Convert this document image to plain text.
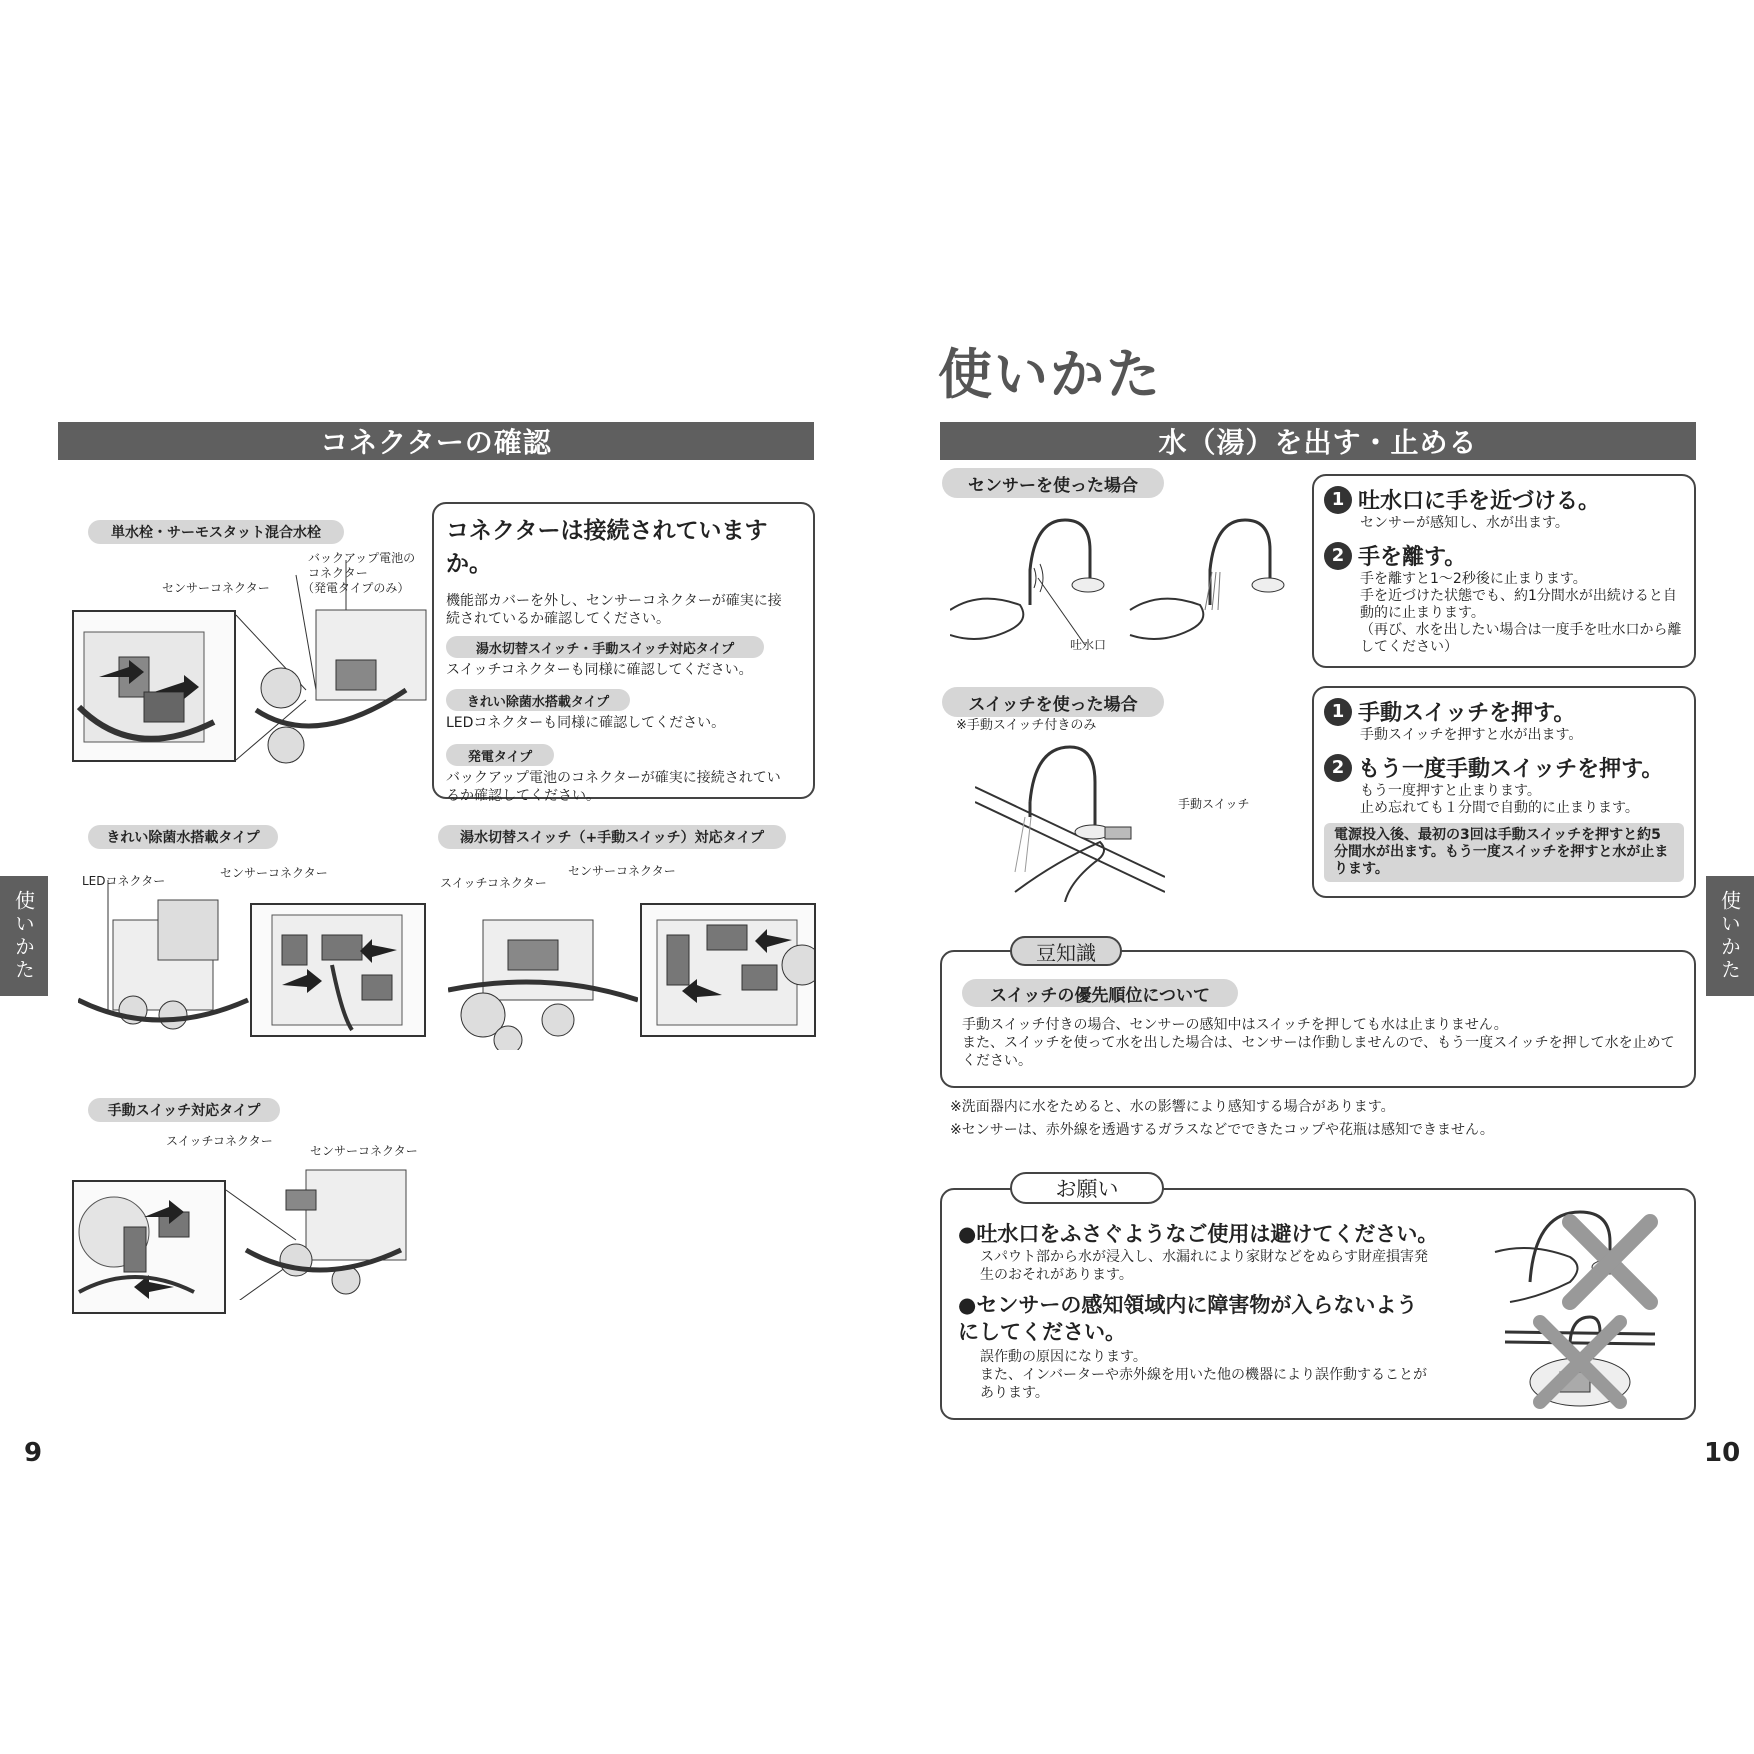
コネクターの確認
単水栓・サーモスタット混合水栓
バックアップ電池の
コネクター
（発電タイプのみ）
センサーコネクター
コネクターは接続されていますか。
機能部カバーを外し、センサーコネクターが確実に接続されているか確認してください。
湯水切替スイッチ・手動スイッチ対応タイプ
スイッチコネクターも同様に確認してください。
きれい除菌水搭載タイプ
LEDコネクターも同様に確認してください。
発電タイプ
バックアップ電池のコネクターが確実に接続されているか確認してください。
きれい除菌水搭載タイプ
LEDコネクター
センサーコネクター
湯水切替スイッチ（+手動スイッチ）対応タイプ
スイッチコネクター
センサーコネクター
手動スイッチ対応タイプ
スイッチコネクター
センサーコネクター
使いかた
9
使いかた
水（湯）を出す・止める
センサーを使った場合
吐水口
1 吐水口に手を近づける。
センサーが感知し、水が出ます。
2 手を離す。
手を離すと1～2秒後に止まります。
手を近づけた状態でも、約1分間水が出続けると自動的に止まります。
（再び、水を出したい場合は一度手を吐水口から離してください）
スイッチを使った場合
※手動スイッチ付きのみ
手動スイッチ
1 手動スイッチを押す。
手動スイッチを押すと水が出ます。
2 もう一度手動スイッチを押す。
もう一度押すと止まります。
止め忘れても１分間で自動的に止まります。
電源投入後、最初の3回は手動スイッチを押すと約5分間水が出ます。もう一度スイッチを押すと水が止まります。
豆知識
スイッチの優先順位について
手動スイッチ付きの場合、センサーの感知中はスイッチを押しても水は止まりません。
また、スイッチを使って水を出した場合は、センサーは作動しませんので、もう一度スイッチを押して水を止めてください。
※洗面器内に水をためると、水の影響により感知する場合があります。
※センサーは、赤外線を透過するガラスなどでできたコップや花瓶は感知できません。
お願い
●吐水口をふさぐようなご使用は避けてください。
スパウト部から水が浸入し、水漏れにより家財などをぬらす財産損害発生のおそれがあります。
●センサーの感知領域内に障害物が入らないようにしてください。
誤作動の原因になります。
また、インバーターや赤外線を用いた他の機器により誤作動することがあります。
使いかた
10
